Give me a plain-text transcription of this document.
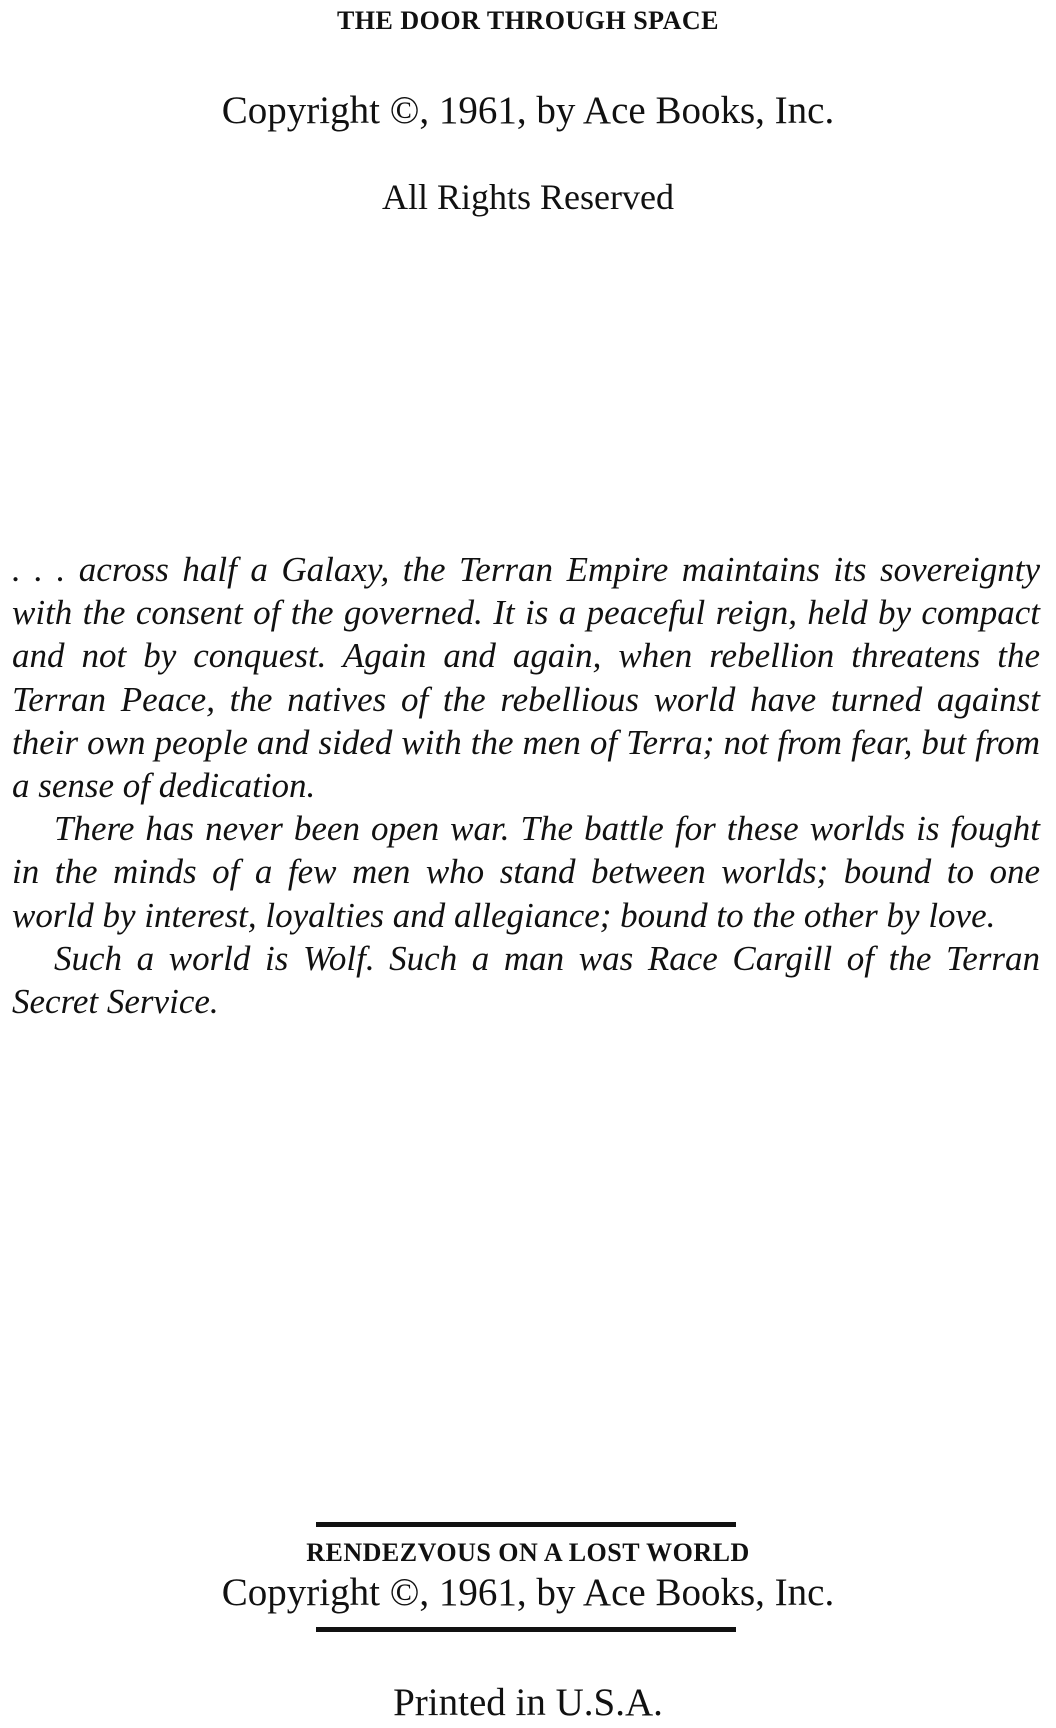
THE DOOR THROUGH SPACE
Copyright ©, 1961, by Ace Books, Inc.
All Rights Reserved

. . . across half a Galaxy, the Terran Empire maintains its sovereignty with the consent of the governed. It is a peaceful reign, held by compact and not by conquest. Again and again, when rebellion threatens the Terran Peace, the natives of the rebellious world have turned against their own people and sided with the men of Terra; not from fear, but from a sense of dedication.

There has never been open war. The battle for these worlds is fought in the minds of a few men who stand between worlds; bound to one world by interest, loyalties and allegiance; bound to the other by love.

Such a world is Wolf. Such a man was Race Cargill of the Terran Secret Service.

RENDEZVOUS ON A LOST WORLD
Copyright ©, 1961, by Ace Books, Inc.
Printed in U.S.A.
